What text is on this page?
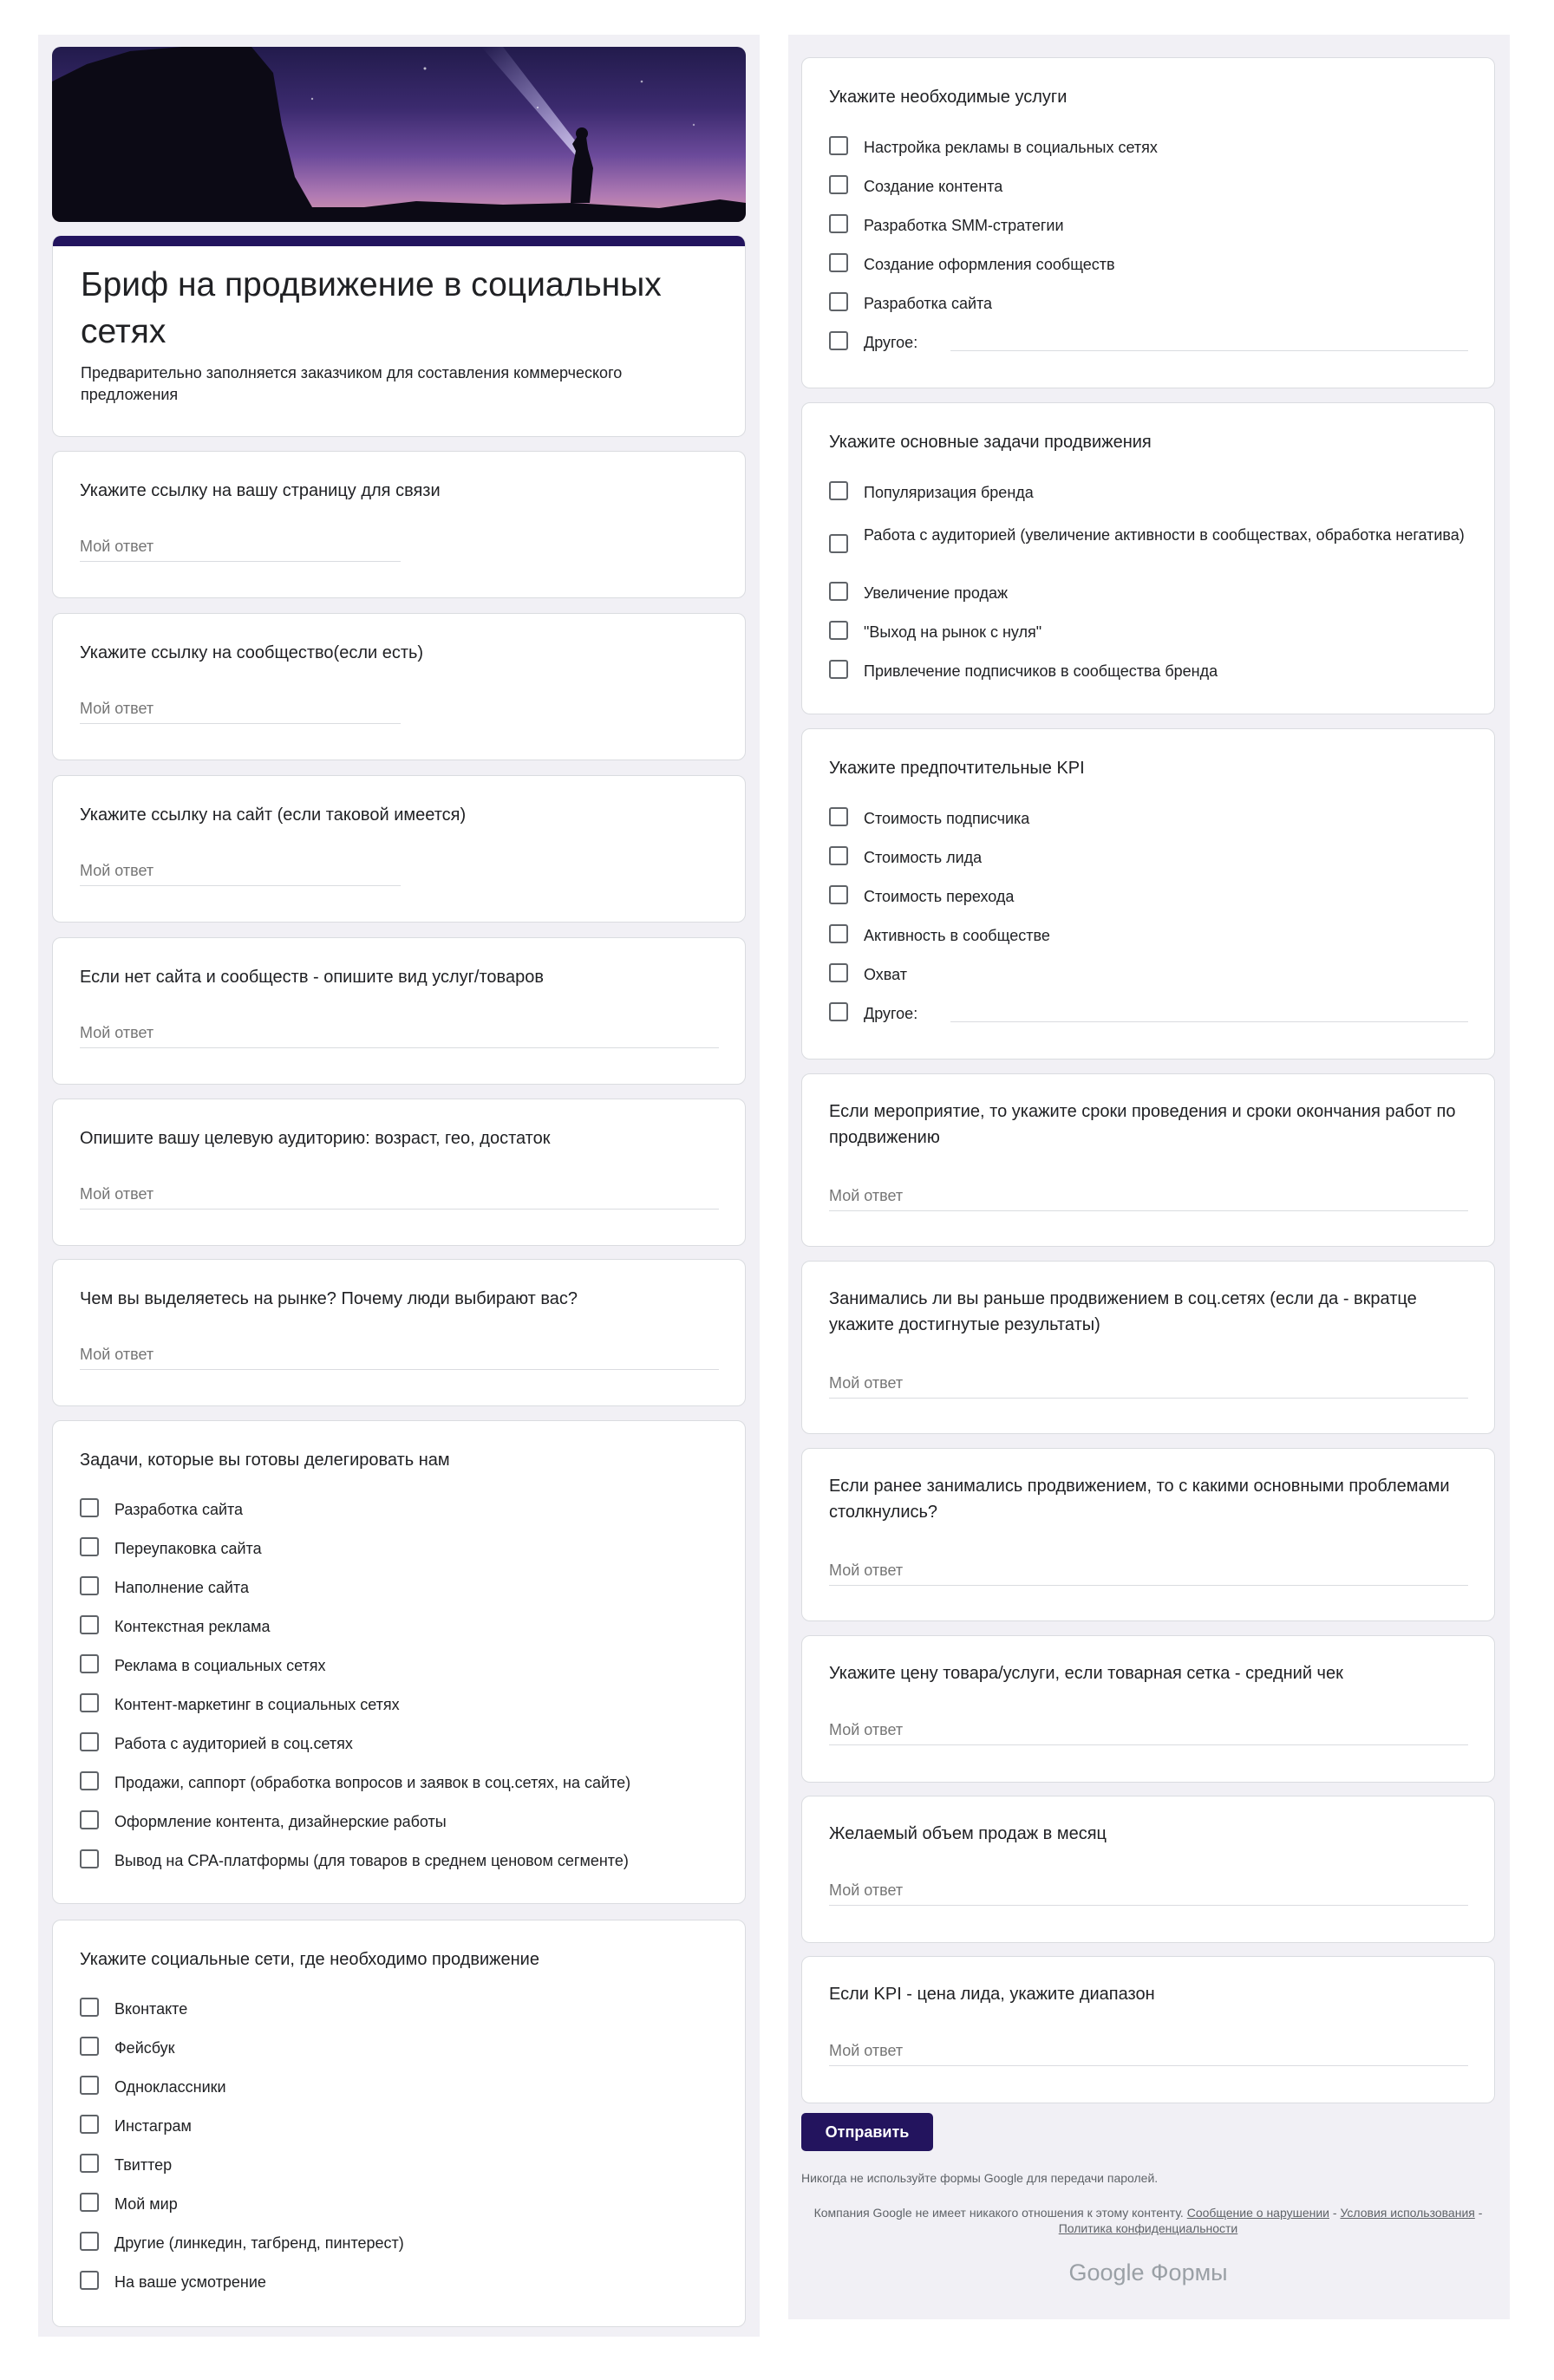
Бриф на продвижение в социальных сетях
Предварительно заполняется заказчиком для составления коммерческого предложения
Укажите ссылку на вашу страницу для связи
Мой ответ
Укажите ссылку на сообщество(если есть)
Мой ответ
Укажите ссылку на сайт (если таковой имеется)
Мой ответ
Если нет сайта и сообществ - опишите вид услуг/товаров
Мой ответ
Опишите вашу целевую аудиторию: возраст, гео, достаток
Мой ответ
Чем вы выделяетесь на рынке? Почему люди выбирают вас?
Мой ответ
Задачи, которые вы готовы делегировать нам
Разработка сайта
Переупаковка сайта
Наполнение сайта
Контекстная реклама
Реклама в социальных сетях
Контент-маркетинг в социальных сетях
Работа с аудиторией в соц.сетях
Продажи, саппорт (обработка вопросов и заявок в соц.сетях, на сайте)
Оформление контента, дизайнерские работы
Вывод на CPA-платформы (для товаров в среднем ценовом сегменте)
Укажите социальные сети, где необходимо продвижение
Вконтакте
Фейсбук
Одноклассники
Инстаграм
Твиттер
Мой мир
Другие (линкедин, тагбренд, пинтерест)
На ваше усмотрение
Укажите необходимые услуги
Настройка рекламы в социальных сетях
Создание контента
Разработка SMM-стратегии
Создание оформления сообществ
Разработка сайта
Другое:
Укажите основные задачи продвижения
Популяризация бренда
Работа с аудиторией (увеличение активности в сообществах, обработка негатива)
Увеличение продаж
"Выход на рынок с нуля"
Привлечение подписчиков в сообщества бренда
Укажите предпочтительные KPI
Стоимость подписчика
Стоимость лида
Стоимость перехода
Активность в сообществе
Охват
Другое:
Если мероприятие, то укажите сроки проведения и сроки окончания работ по продвижению
Мой ответ
Занимались ли вы раньше продвижением в соц.сетях (если да - вкратце укажите достигнутые результаты)
Мой ответ
Если ранее занимались продвижением, то с какими основными проблемами столкнулись?
Мой ответ
Укажите цену товара/услуги, если товарная сетка - средний чек
Мой ответ
Желаемый объем продаж в месяц
Мой ответ
Если KPI - цена лида, укажите диапазон
Мой ответ
Отправить
Никогда не используйте формы Google для передачи паролей.
Компания Google не имеет никакого отношения к этому контенту. Сообщение о нарушении - Условия использования - Политика конфиденциальности
Google Формы
